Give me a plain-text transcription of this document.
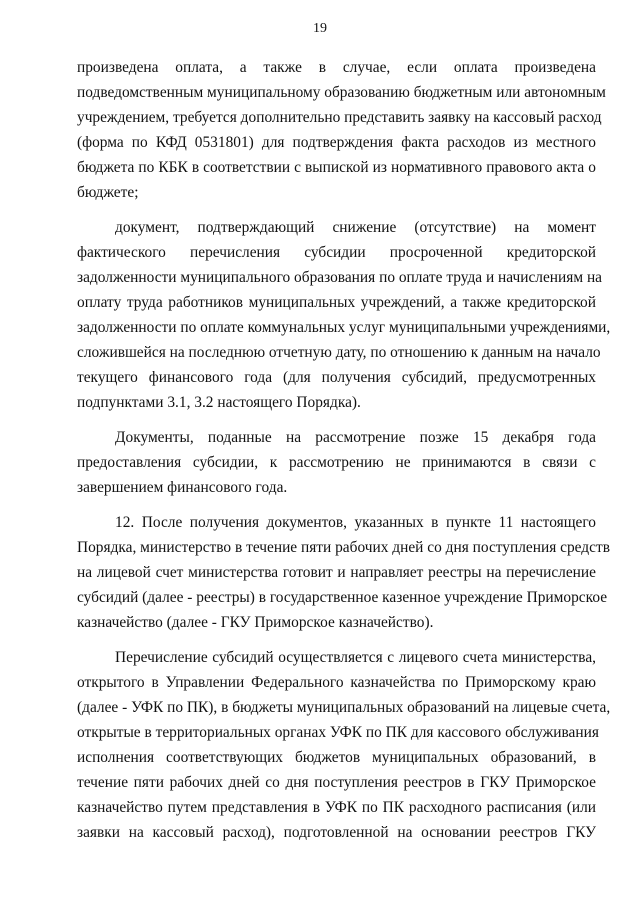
19
произведена оплата, а также в случае, если оплата произведена
подведомственным муниципальному образованию бюджетным или автономным
учреждением, требуется дополнительно представить заявку на кассовый расход
(форма по КФД 0531801) для подтверждения факта расходов из местного
бюджета по КБК в соответствии с выпиской из нормативного правового акта о
бюджете;
документ, подтверждающий снижение (отсутствие) на момент
фактического перечисления субсидии просроченной кредиторской
задолженности муниципального образования по оплате труда и начислениям на
оплату труда работников муниципальных учреждений, а также кредиторской
задолженности по оплате коммунальных услуг муниципальными учреждениями,
сложившейся на последнюю отчетную дату, по отношению к данным на начало
текущего финансового года (для получения субсидий, предусмотренных
подпунктами 3.1, 3.2 настоящего Порядка).
Документы, поданные на рассмотрение позже 15 декабря года
предоставления субсидии, к рассмотрению не принимаются в связи с
завершением финансового года.
12. После получения документов, указанных в пункте 11 настоящего
Порядка, министерство в течение пяти рабочих дней со дня поступления средств
на лицевой счет министерства готовит и направляет реестры на перечисление
субсидий (далее - реестры) в государственное казенное учреждение Приморское
казначейство (далее - ГКУ Приморское казначейство).
Перечисление субсидий осуществляется с лицевого счета министерства,
открытого в Управлении Федерального казначейства по Приморскому краю
(далее - УФК по ПК), в бюджеты муниципальных образований на лицевые счета,
открытые в территориальных органах УФК по ПК для кассового обслуживания
исполнения соответствующих бюджетов муниципальных образований, в
течение пяти рабочих дней со дня поступления реестров в ГКУ Приморское
казначейство путем представления в УФК по ПК расходного расписания (или
заявки на кассовый расход), подготовленной на основании реестров ГКУ
